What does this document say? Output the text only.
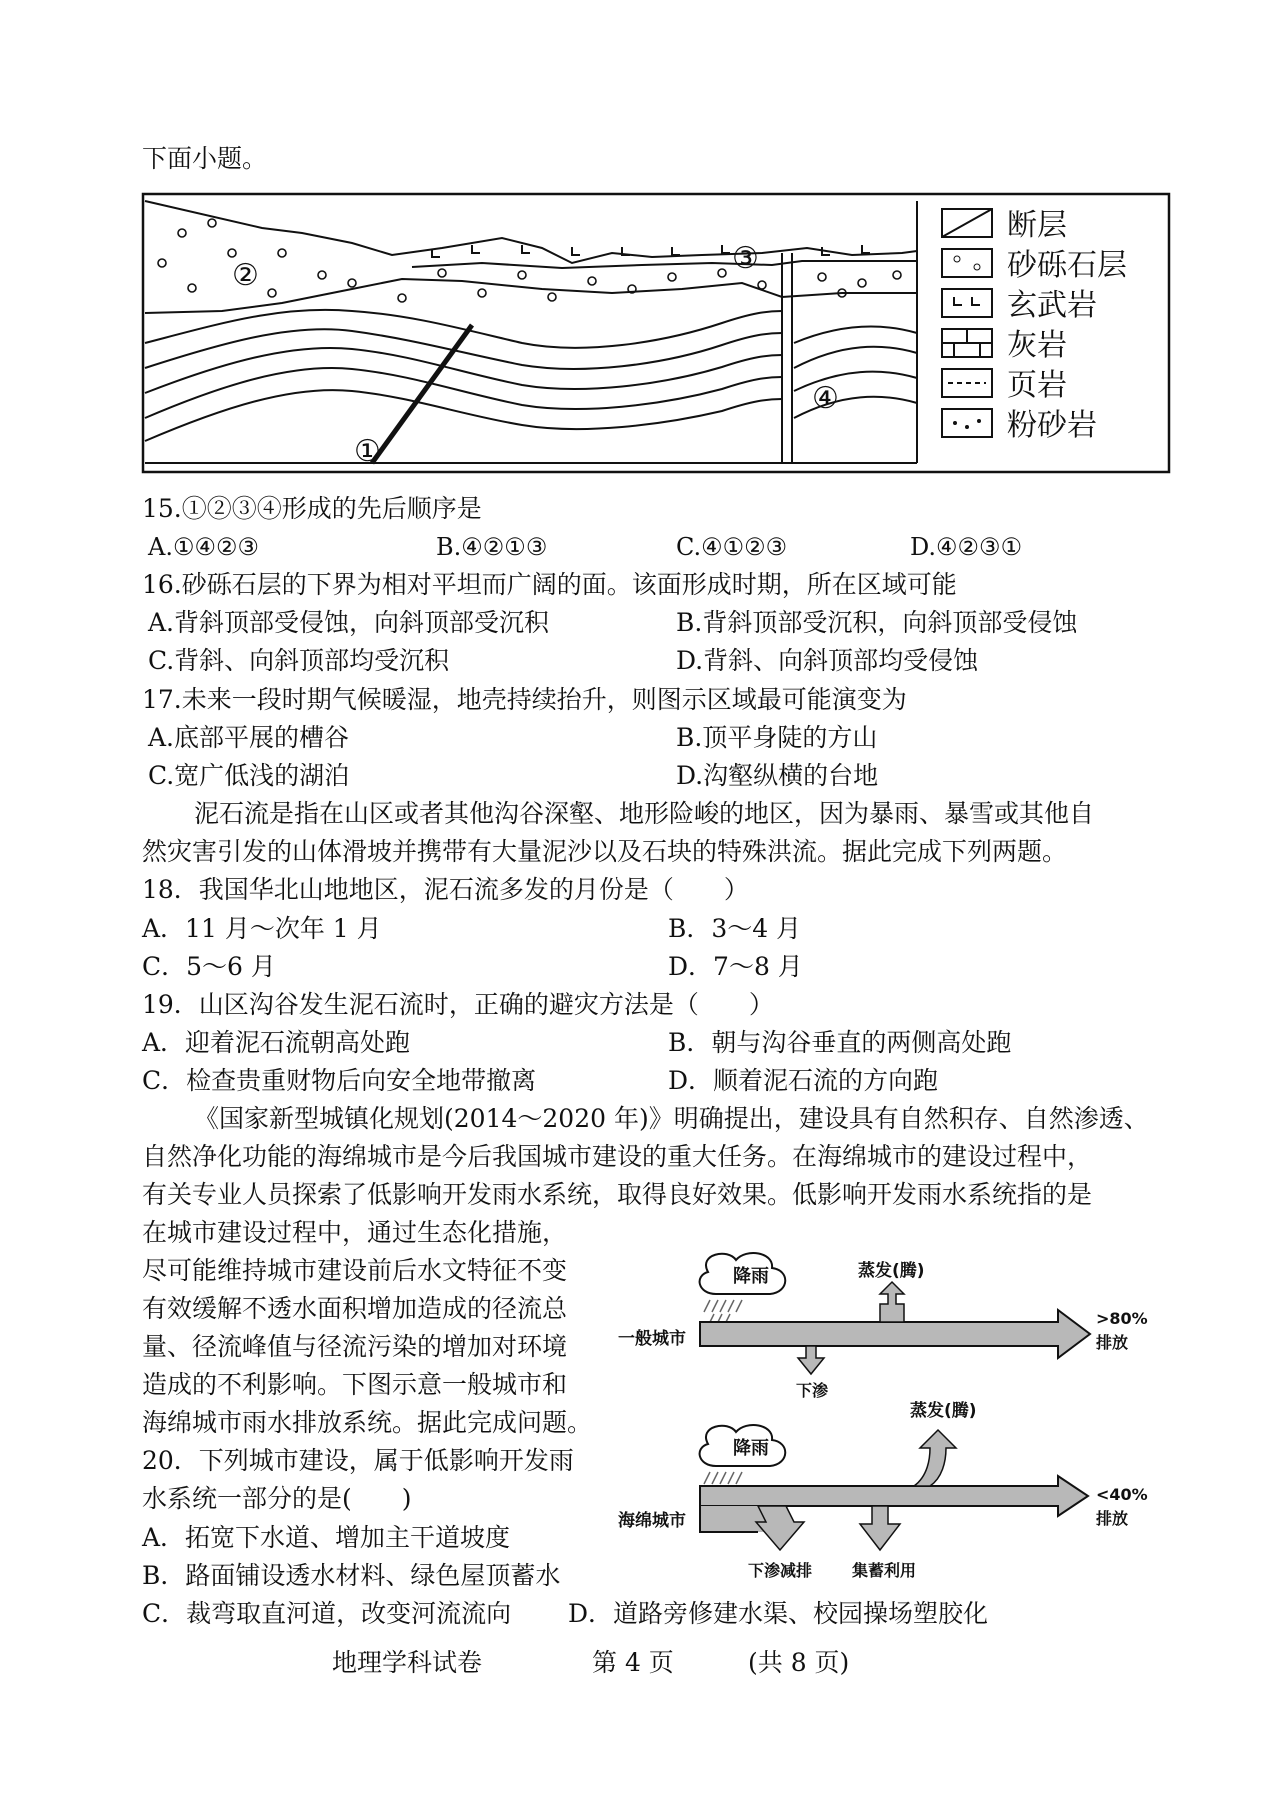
下面小题。
②	③
④
①
断层
砂砾石层
玄武岩
灰岩
页岩
粉砂岩
15.①②③④形成的先后顺序是
A.①④②③	B.④②①③	C.④①②③	D.④②③①
16.砂砾石层的下界为相对平坦而广阔的面。该面形成时期，所在区域可能
A.背斜顶部受侵蚀，向斜顶部受沉积	B.背斜顶部受沉积，向斜顶部受侵蚀
C.背斜、向斜顶部均受沉积	D.背斜、向斜顶部均受侵蚀
17.未来一段时期气候暖湿，地壳持续抬升，则图示区域最可能演变为
A.底部平展的槽谷	B.顶平身陡的方山
C.宽广低浅的湖泊	D.沟壑纵横的台地
泥石流是指在山区或者其他沟谷深壑、地形险峻的地区，因为暴雨、暴雪或其他自
然灾害引发的山体滑坡并携带有大量泥沙以及石块的特殊洪流。据此完成下列两题。
18．我国华北山地地区，泥石流多发的月份是（　　）
A．11 月～次年 1 月	B．3～4 月
C．5～6 月	D．7～8 月
19．山区沟谷发生泥石流时，正确的避灾方法是（　　）
A．迎着泥石流朝高处跑	B．朝与沟谷垂直的两侧高处跑
C．检查贵重财物后向安全地带撤离	D．顺着泥石流的方向跑
《国家新型城镇化规划(2014～2020 年)》明确提出，建设具有自然积存、自然渗透、
自然净化功能的海绵城市是今后我国城市建设的重大任务。在海绵城市的建设过程中，
有关专业人员探索了低影响开发雨水系统，取得良好效果。低影响开发雨水系统指的是
在城市建设过程中，通过生态化措施，
尽可能维持城市建设前后水文特征不变
有效缓解不透水面积增加造成的径流总
量、径流峰值与径流污染的增加对环境
造成的不利影响。下图示意一般城市和
海绵城市雨水排放系统。据此完成问题。
20．下列城市建设，属于低影响开发雨
水系统一部分的是(　　)
A．拓宽下水道、增加主干道坡度
B．路面铺设透水材料、绿色屋顶蓄水
C．裁弯取直河道，改变河流流向 D．道路旁修建水渠、校园操场塑胶化
降雨	蒸发(腾)
一般城市
>80%
排放
下渗
降雨
蒸发(腾)
海绵城市
<40%
排放
下渗减排 集蓄利用
地理学科试卷	第 4 页	(共 8 页)
